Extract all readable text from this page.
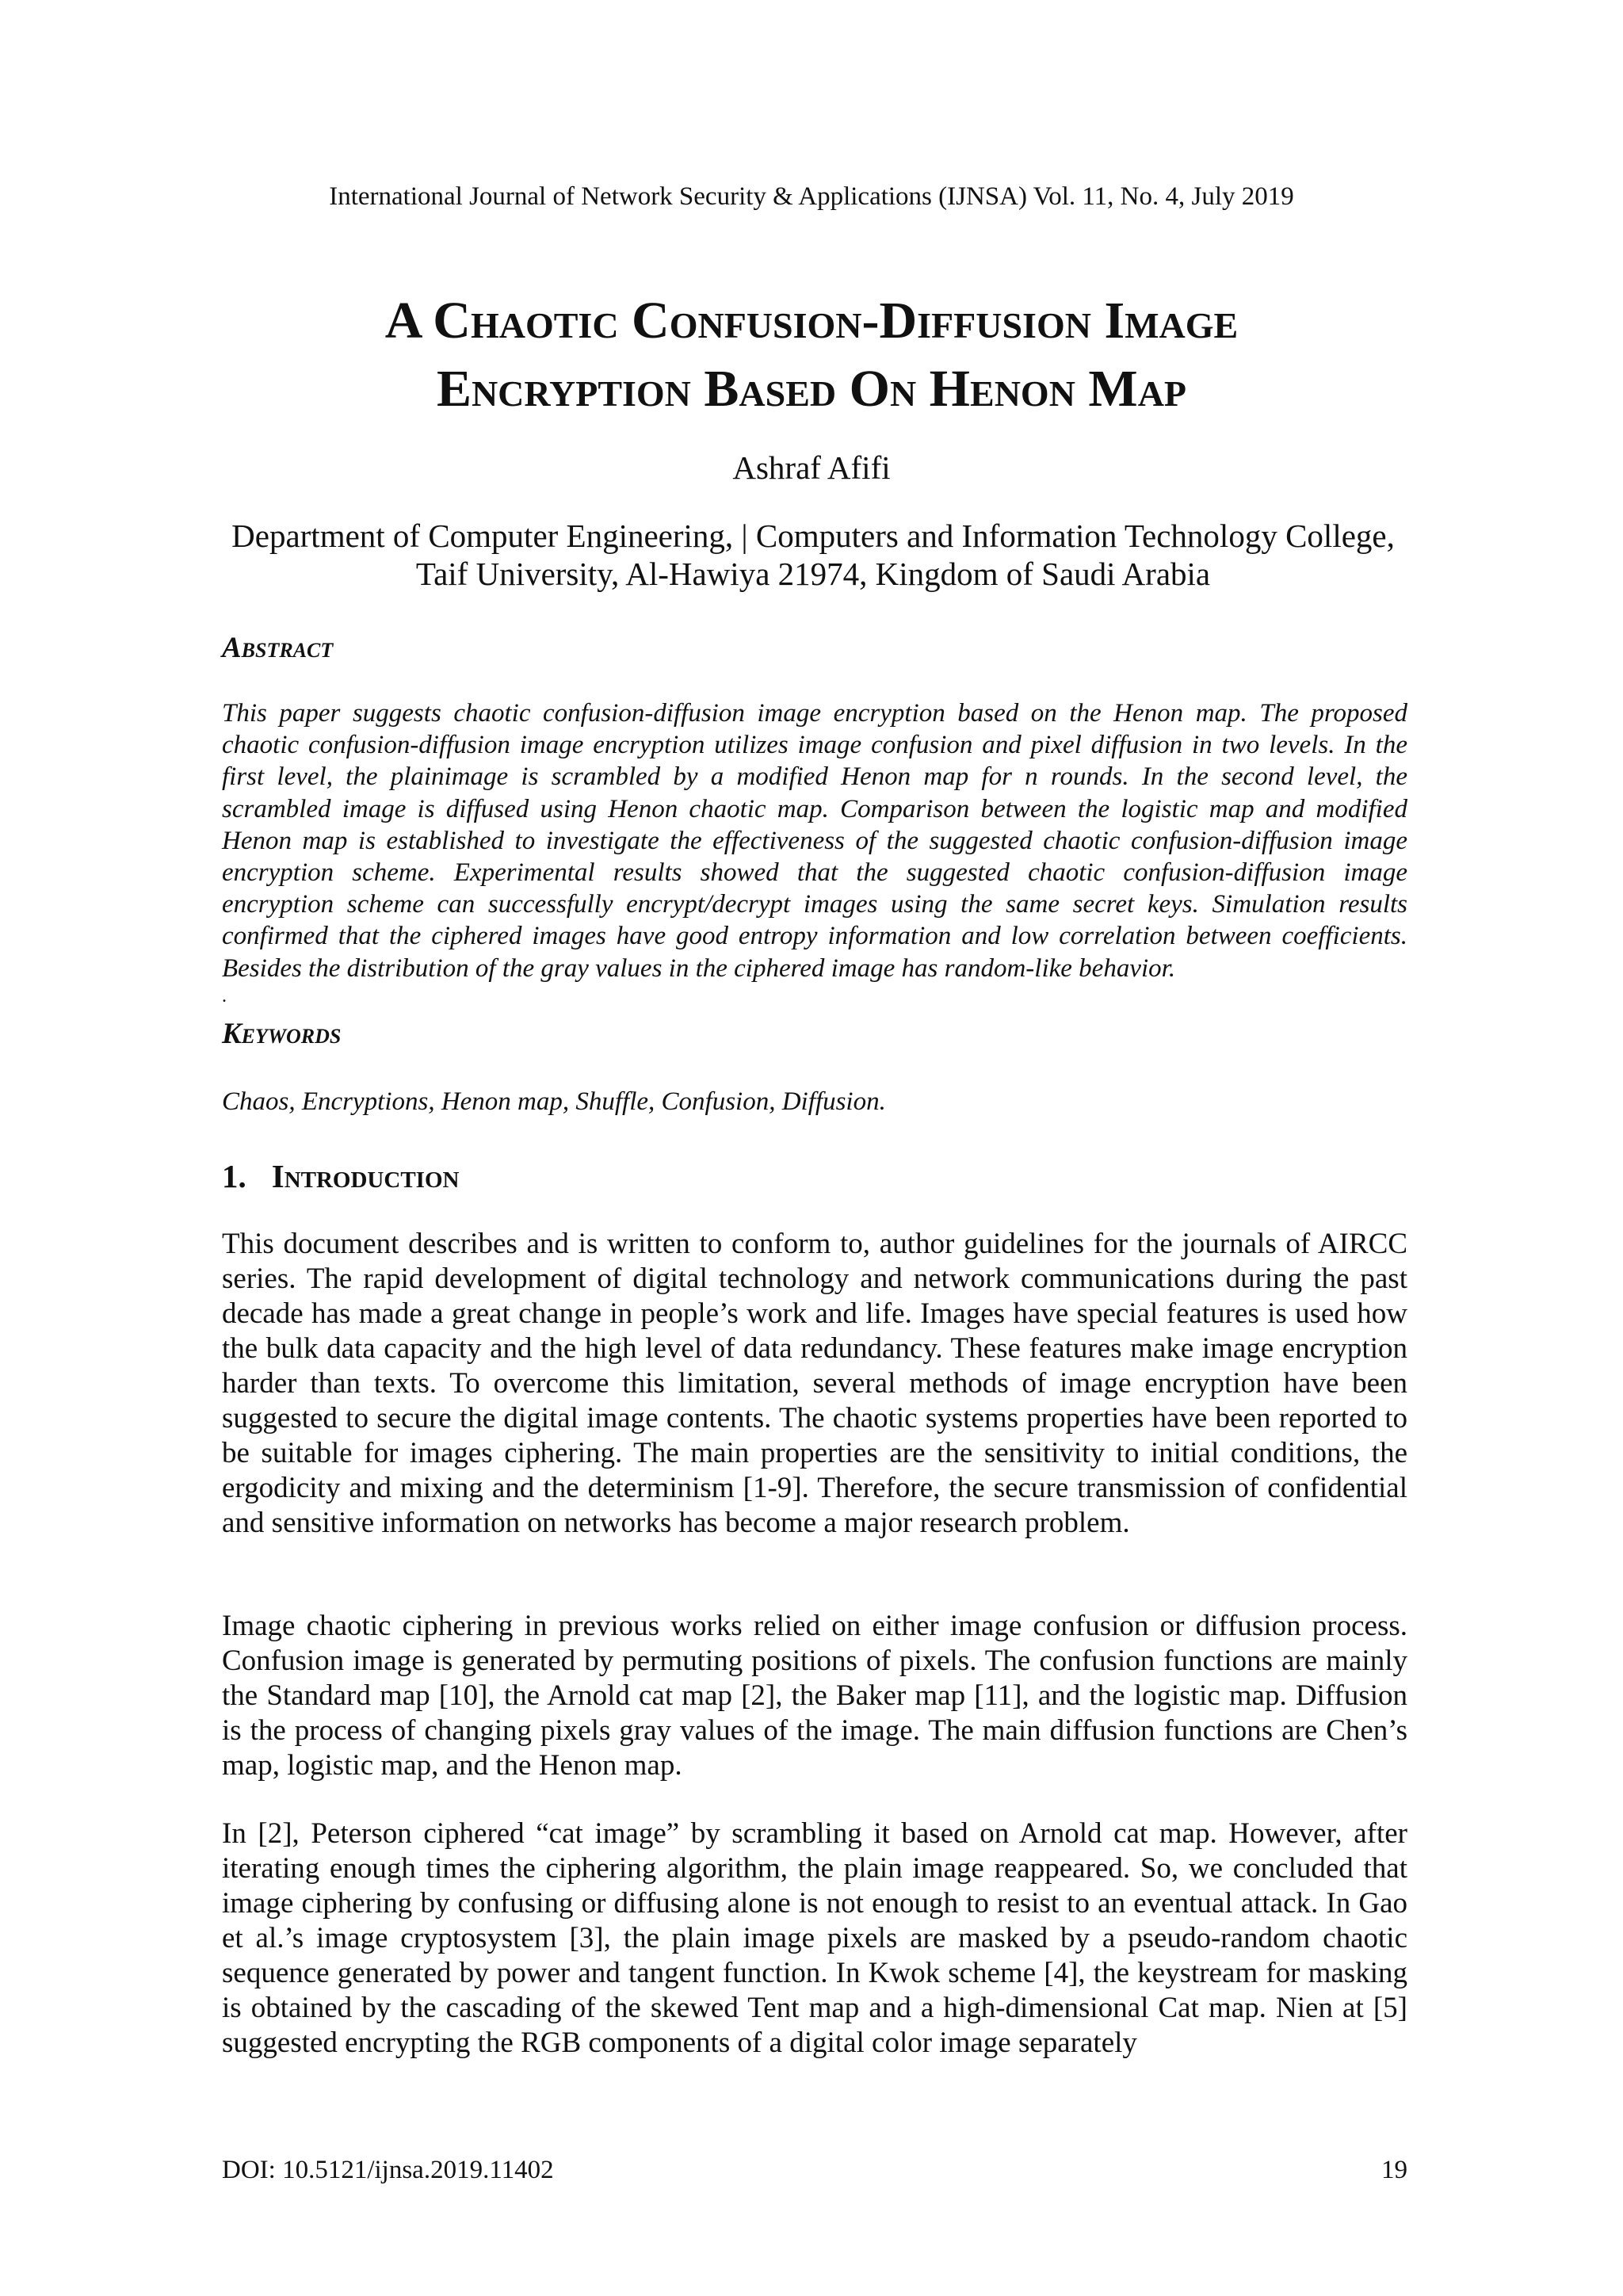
International Journal of Network Security & Applications (IJNSA) Vol. 11, No. 4, July 2019
A Chaotic Confusion-Diffusion Image
Encryption Based On Henon Map
Ashraf Afifi
Department of Computer Engineering, | Computers and Information Technology College,
Taif University, Al-Hawiya 21974, Kingdom of Saudi Arabia
Abstract
This paper suggests chaotic confusion-diffusion image encryption based on the Henon map. The proposed chaotic confusion-diffusion image encryption utilizes image confusion and pixel diffusion in two levels. In the first level, the plainimage is scrambled by a modified Henon map for n rounds. In the second level, the scrambled image is diffused using Henon chaotic map. Comparison between the logistic map and modified Henon map is established to investigate the effectiveness of the suggested chaotic confusion-diffusion image encryption scheme. Experimental results showed that the suggested chaotic confusion-diffusion image encryption scheme can successfully encrypt/decrypt images using the same secret keys. Simulation results confirmed that the ciphered images have good entropy information and low correlation between coefficients. Besides the distribution of the gray values in the ciphered image has random-like behavior.
.
Keywords
Chaos, Encryptions, Henon map, Shuffle, Confusion, Diffusion.
1. Introduction

This document describes and is written to conform to, author guidelines for the journals of AIRCC series. The rapid development of digital technology and network communications during the past decade has made a great change in people’s work and life. Images have special features is used how the bulk data capacity and the high level of data redundancy. These features make image encryption harder than texts. To overcome this limitation, several methods of image encryption have been suggested to secure the digital image contents. The chaotic systems properties have been reported to be suitable for images ciphering. The main properties are the sensitivity to initial conditions, the ergodicity and mixing and the determinism [1-9]. Therefore, the secure transmission of confidential and sensitive information on networks has become a major research problem.

Image chaotic ciphering in previous works relied on either image confusion or diffusion process. Confusion image is generated by permuting positions of pixels. The confusion functions are mainly the Standard map [10], the Arnold cat map [2], the Baker map [11], and the logistic map. Diffusion is the process of changing pixels gray values of the image. The main diffusion functions are Chen’s map, logistic map, and the Henon map.

In [2], Peterson ciphered “cat image” by scrambling it based on Arnold cat map. However, after iterating enough times the ciphering algorithm, the plain image reappeared. So, we concluded that image ciphering by confusing or diffusing alone is not enough to resist to an eventual attack. In Gao et al.’s image cryptosystem [3], the plain image pixels are masked by a pseudo-random chaotic sequence generated by power and tangent function. In Kwok scheme [4], the keystream for masking is obtained by the cascading of the skewed Tent map and a high-dimensional Cat map. Nien at [5] suggested encrypting the RGB components of a digital color image separately

DOI: 10.5121/ijnsa.2019.11402	19
